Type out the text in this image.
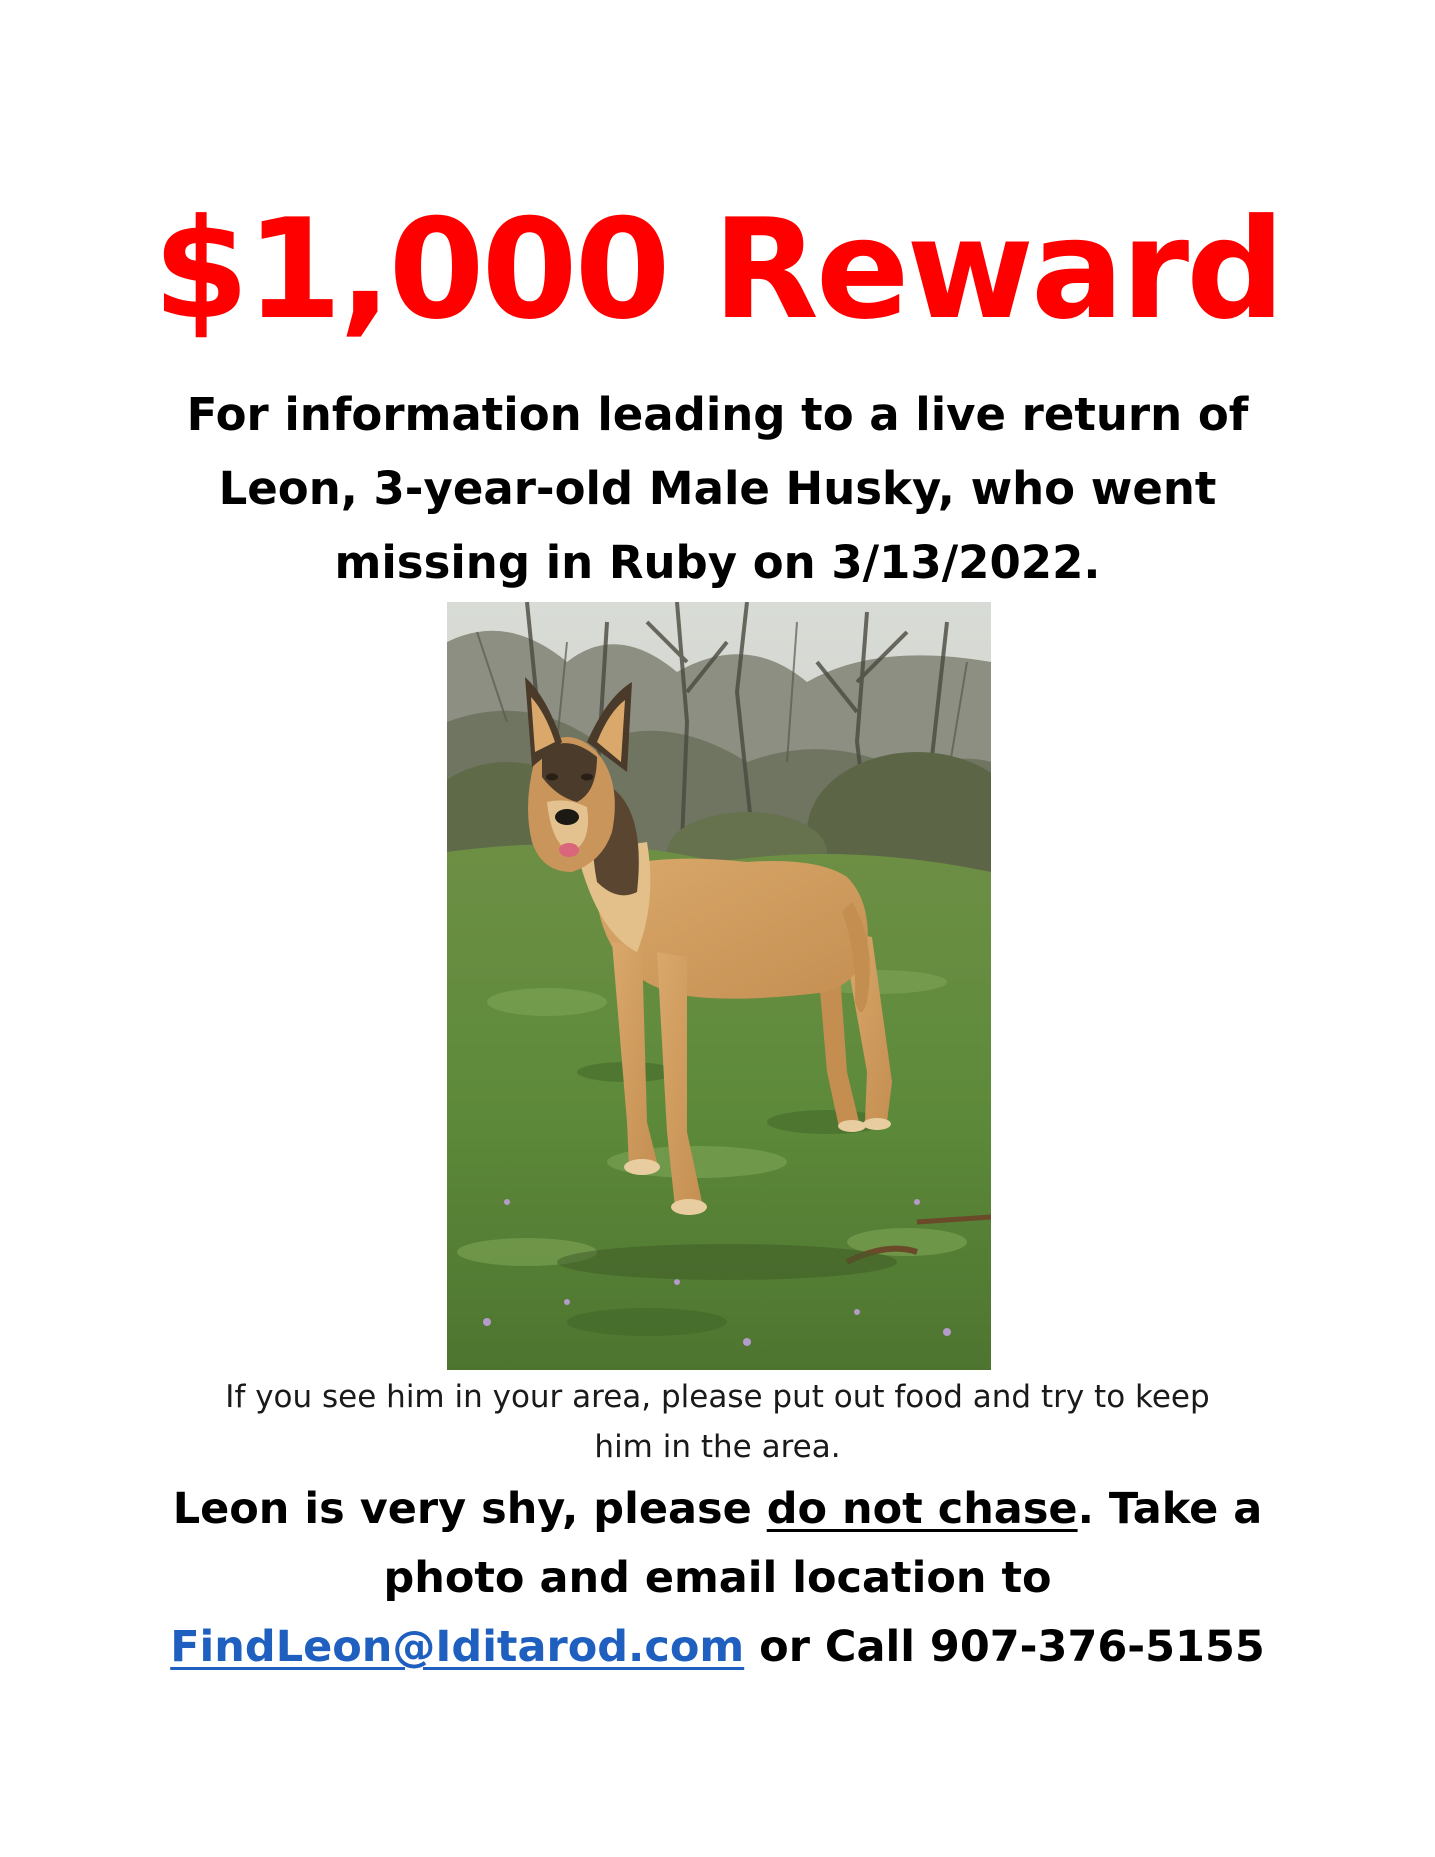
$1,000 Reward
For information leading to a live return of
Leon, 3-year-old Male Husky, who went
missing in Ruby on 3/13/2022.
If you see him in your area, please put out food and try to keep
him in the area.
Leon is very shy, please do not chase. Take a
photo and email location to
FindLeon@Iditarod.com or Call 907-376-5155
